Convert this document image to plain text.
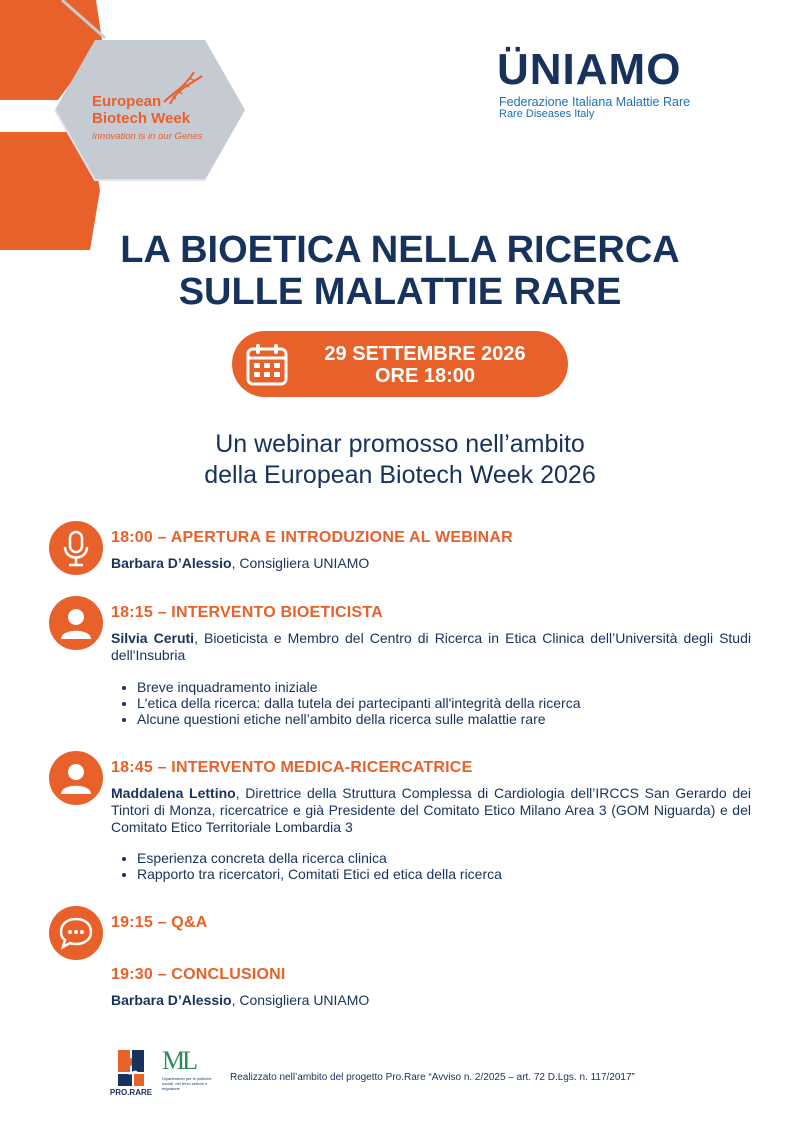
European
Biotech Week
Innovation is in our Genes
ÜNIAMO
Federazione Italiana Malattie Rare
Rare Diseases Italy
LA BIOETICA NELLA RICERCA
SULLE MALATTIE RARE
29 SETTEMBRE 2026
ORE 18:00
Un webinar promosso nell’ambito
della European Biotech Week 2026
18:00 – APERTURA E INTRODUZIONE AL WEBINAR
Barbara D’Alessio, Consigliera UNIAMO
18:15 – INTERVENTO BIOETICISTA
Silvia Ceruti, Bioeticista e Membro del Centro di Ricerca in Etica Clinica dell’Università degli Studi dell'Insubria
• Breve inquadramento iniziale
• L'etica della ricerca: dalla tutela dei partecipanti all'integrità della ricerca
• Alcune questioni etiche nell’ambito della ricerca sulle malattie rare
18:45 – INTERVENTO MEDICA-RICERCATRICE
Maddalena Lettino, Direttrice della Struttura Complessa di Cardiologia dell’IRCCS San Gerardo dei Tintori di Monza, ricercatrice e già Presidente del Comitato Etico Milano Area 3 (GOM Niguarda) e del Comitato Etico Territoriale Lombardia 3
• Esperienza concreta della ricerca clinica
• Rapporto tra ricercatori, Comitati Etici ed etica della ricerca
19:15 – Q&A
19:30 – CONCLUSIONI
Barbara D’Alessio, Consigliera UNIAMO
PRO.RARE
ML
Dipartimento per le politiche sociali, del terzo settore e migratorie
Realizzato nell’ambito del progetto Pro.Rare “Avviso n. 2/2025 – art. 72 D.Lgs. n. 117/2017”
